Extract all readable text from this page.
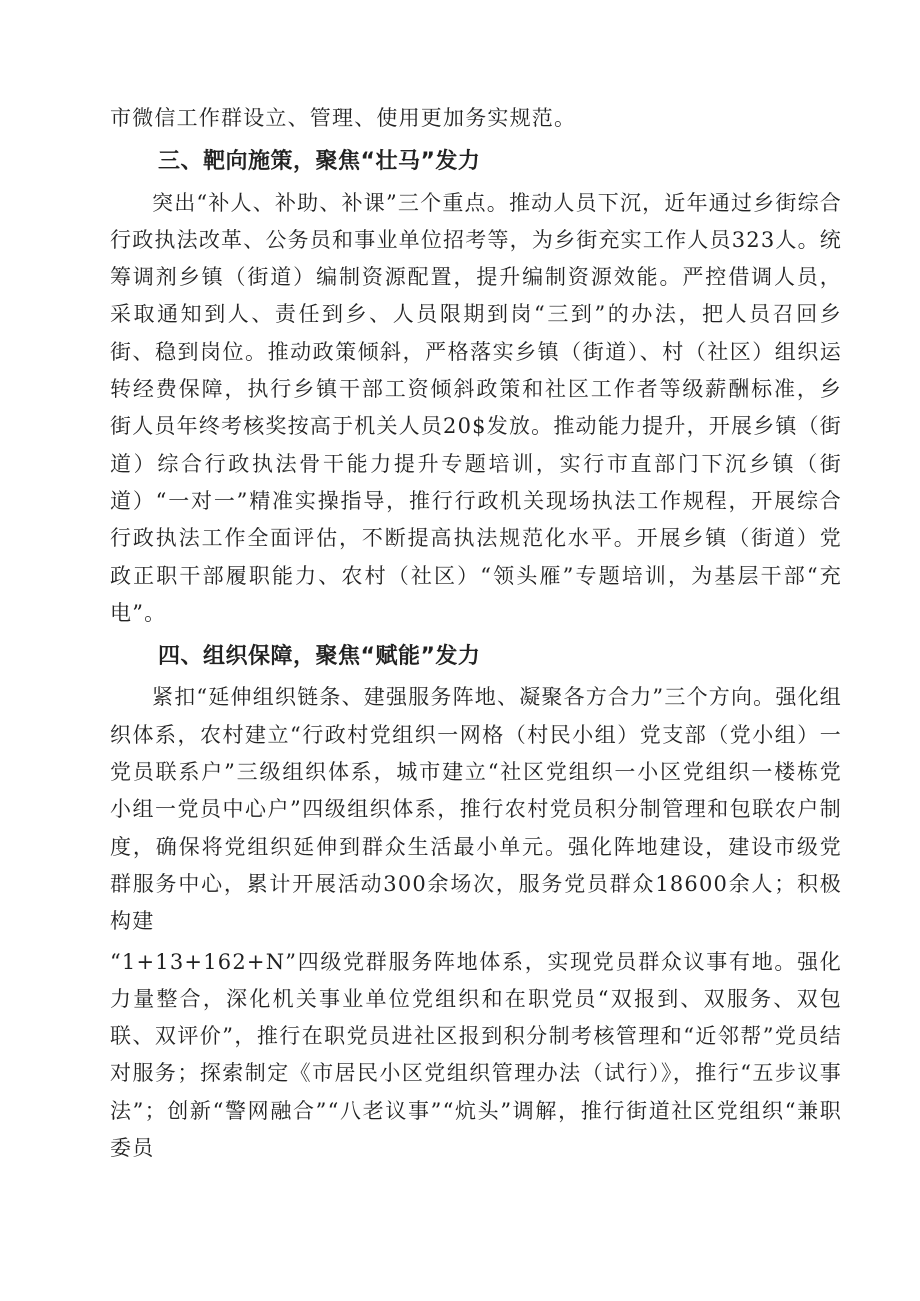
市微信工作群设立、管理、使用更加务实规范。

三、靶向施策，聚焦“壮马”发力

突出“补人、补助、补课”三个重点。推动人员下沉，近年通过乡街综合行政执法改革、公务员和事业单位招考等，为乡街充实工作人员323人。统筹调剂乡镇（街道）编制资源配置，提升编制资源效能。严控借调人员，采取通知到人、责任到乡、人员限期到岗“三到”的办法，把人员召回乡街、稳到岗位。推动政策倾斜，严格落实乡镇（街道）、村（社区）组织运转经费保障，执行乡镇干部工资倾斜政策和社区工作者等级薪酬标准，乡街人员年终考核奖按高于机关人员20$发放。推动能力提升，开展乡镇（街道）综合行政执法骨干能力提升专题培训，实行市直部门下沉乡镇（街道）“一对一”精准实操指导，推行行政机关现场执法工作规程，开展综合行政执法工作全面评估，不断提高执法规范化水平。开展乡镇（街道）党政正职干部履职能力、农村（社区）“领头雁”专题培训，为基层干部“充电”。

四、组织保障，聚焦“赋能”发力

紧扣“延伸组织链条、建强服务阵地、凝聚各方合力”三个方向。强化组织体系，农村建立“行政村党组织一网格（村民小组）党支部（党小组）一党员联系户”三级组织体系，城市建立“社区党组织一小区党组织一楼栋党小组一党员中心户”四级组织体系，推行农村党员积分制管理和包联农户制度，确保将党组织延伸到群众生活最小单元。强化阵地建设，建设市级党群服务中心，累计开展活动300余场次，服务党员群众18600余人；积极构建

“1+13+162+N”四级党群服务阵地体系，实现党员群众议事有地。强化力量整合，深化机关事业单位党组织和在职党员“双报到、双服务、双包联、双评价”，推行在职党员进社区报到积分制考核管理和“近邻帮”党员结对服务；探索制定《市居民小区党组织管理办法（试行）》，推行“五步议事法”；创新“警网融合”“八老议事”“炕头”调解，推行街道社区党组织“兼职委员
